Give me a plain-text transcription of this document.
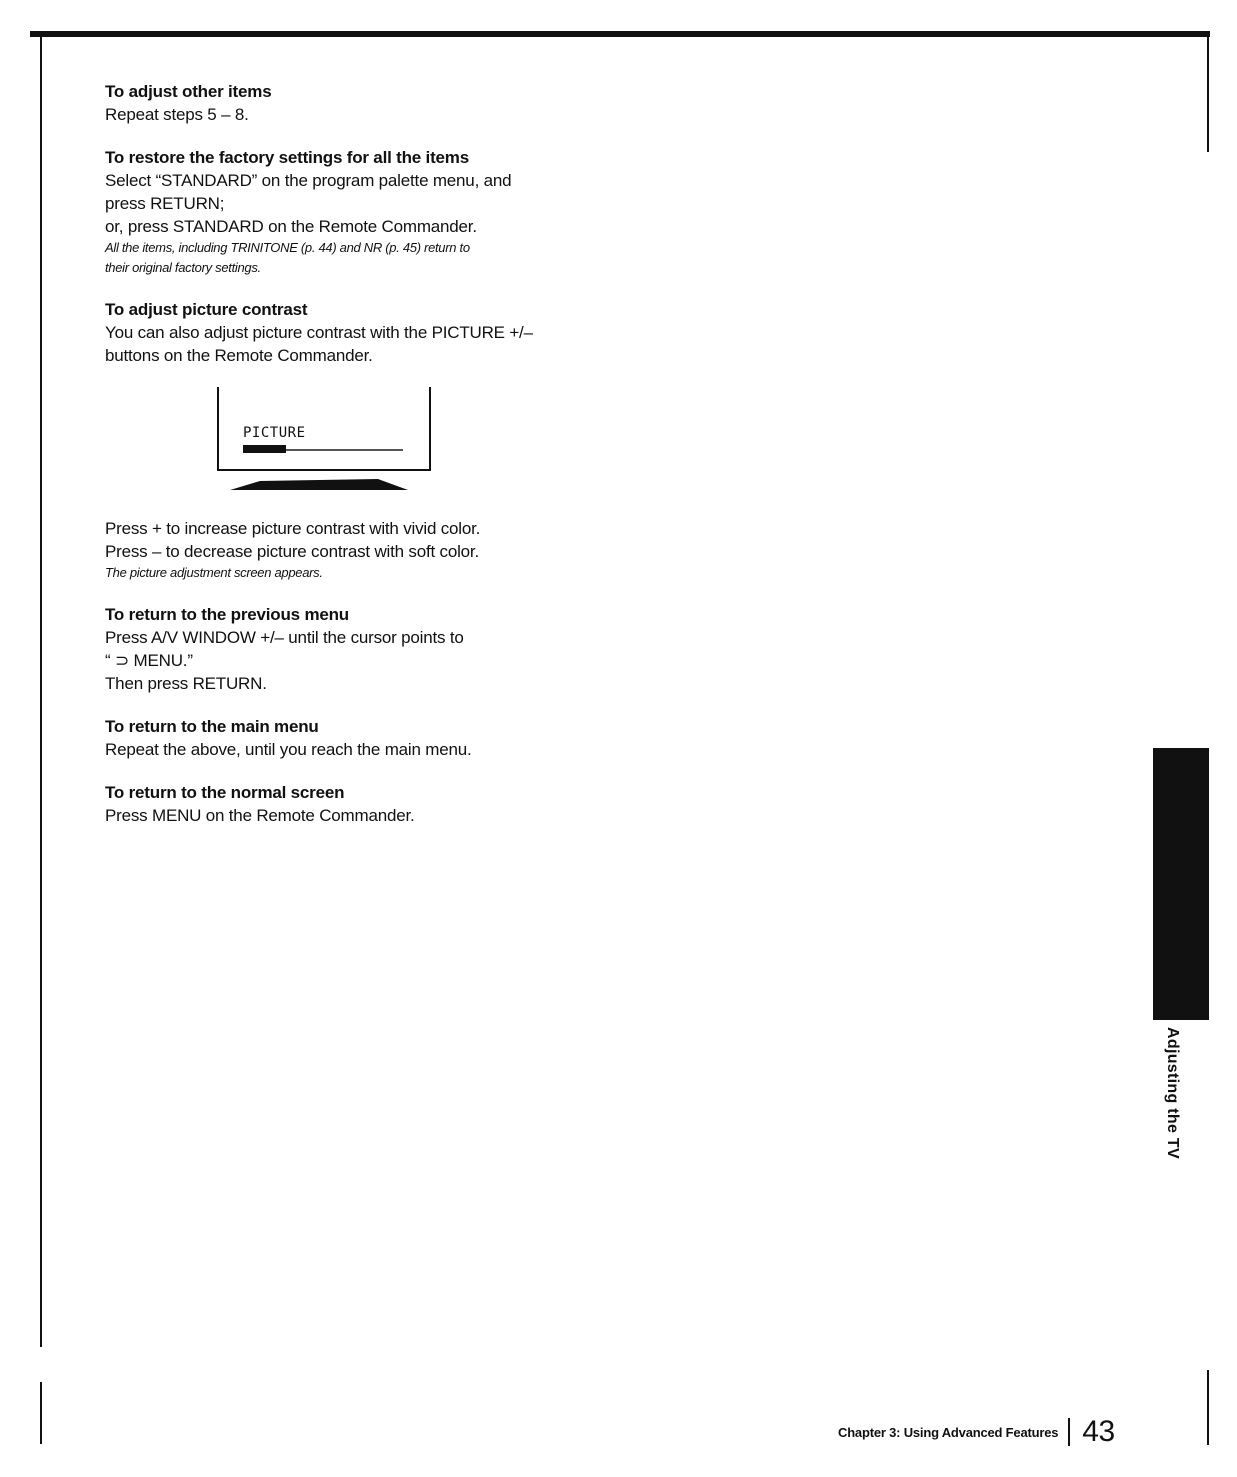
To adjust other items
Repeat steps 5 – 8.
To restore the factory settings for all the items
Select “STANDARD” on the program palette menu, and
press RETURN;
or, press STANDARD on the Remote Commander.
All the items, including TRINITONE (p. 44) and NR (p. 45) return to
their original factory settings.
To adjust picture contrast
You can also adjust picture contrast with the PICTURE +/–
buttons on the Remote Commander.
PICTURE
Press + to increase picture contrast with vivid color.
Press – to decrease picture contrast with soft color.
The picture adjustment screen appears.
To return to the previous menu
Press A/V WINDOW +/– until the cursor points to
“ ⊃ MENU.”
Then press RETURN.
To return to the main menu
Repeat the above, until you reach the main menu.
To return to the normal screen
Press MENU on the Remote Commander.
Adjusting the TV
Chapter 3: Using Advanced Features 43
